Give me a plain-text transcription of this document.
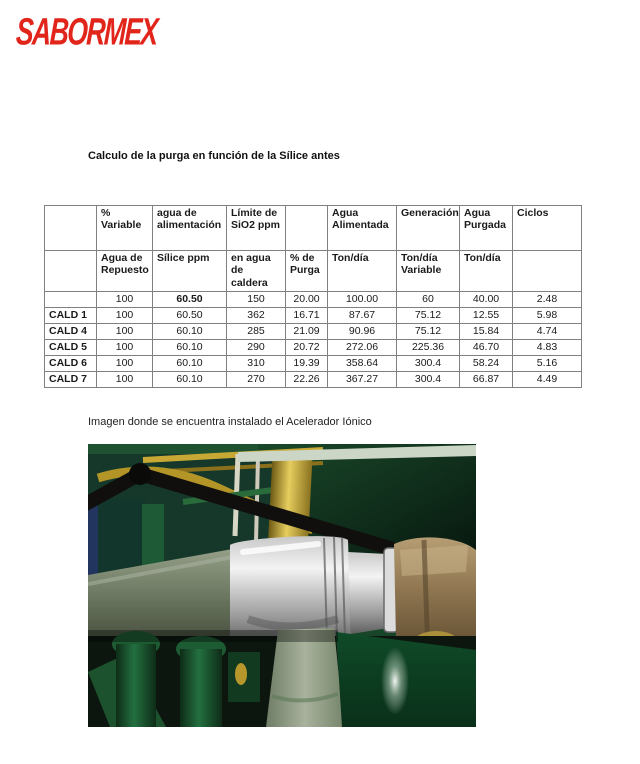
SABORMEX
Calculo de la purga en función de la Sílice antes
	% Variable	agua de alimentación	Límite de SiO2 ppm		Agua Alimentada	Generación	Agua Purgada	Ciclos
	Agua de Repuesto	Sílice ppm	en agua de caldera	% de Purga	Ton/día	Ton/día Variable	Ton/día	
	100	60.50	150	20.00	100.00	60	40.00	2.48
CALD 1	100	60.50	362	16.71	87.67	75.12	12.55	5.98
CALD 4	100	60.10	285	21.09	90.96	75.12	15.84	4.74
CALD 5	100	60.10	290	20.72	272.06	225.36	46.70	4.83
CALD 6	100	60.10	310	19.39	358.64	300.4	58.24	5.16
CALD 7	100	60.10	270	22.26	367.27	300.4	66.87	4.49
Imagen donde se encuentra instalado el Acelerador Iónico
